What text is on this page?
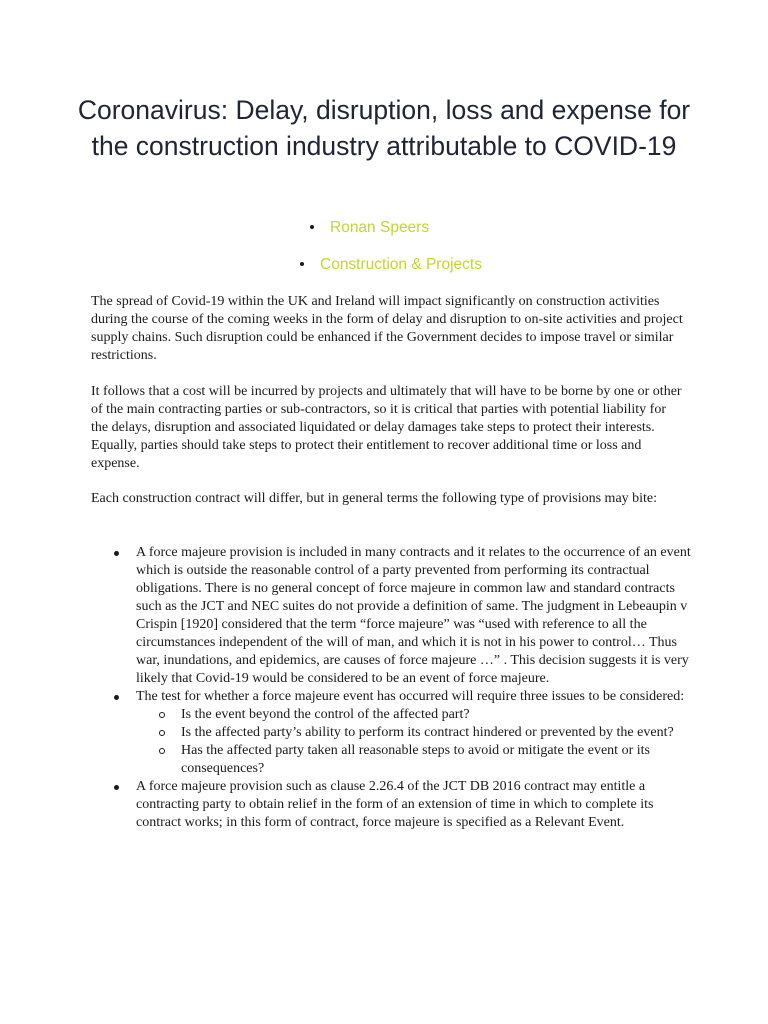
Coronavirus: Delay, disruption, loss and expense for the construction industry attributable to COVID-19
Ronan Speers
Construction & Projects

The spread of Covid-19 within the UK and Ireland will impact significantly on construction activities during the course of the coming weeks in the form of delay and disruption to on-site activities and project supply chains. Such disruption could be enhanced if the Government decides to impose travel or similar restrictions.

It follows that a cost will be incurred by projects and ultimately that will have to be borne by one or other of the main contracting parties or sub-contractors, so it is critical that parties with potential liability for the delays, disruption and associated liquidated or delay damages take steps to protect their interests. Equally, parties should take steps to protect their entitlement to recover additional time or loss and expense.

Each construction contract will differ, but in general terms the following type of provisions may bite:

A force majeure provision is included in many contracts and it relates to the occurrence of an event which is outside the reasonable control of a party prevented from performing its contractual obligations. There is no general concept of force majeure in common law and standard contracts such as the JCT and NEC suites do not provide a definition of same. The judgment in Lebeaupin v Crispin [1920] considered that the term “force majeure” was “used with reference to all the circumstances independent of the will of man, and which it is not in his power to control… Thus war, inundations, and epidemics, are causes of force majeure …” . This decision suggests it is very likely that Covid-19 would be considered to be an event of force majeure.
The test for whether a force majeure event has occurred will require three issues to be considered:
Is the event beyond the control of the affected part?
Is the affected party’s ability to perform its contract hindered or prevented by the event?
Has the affected party taken all reasonable steps to avoid or mitigate the event or its consequences?
A force majeure provision such as clause 2.26.4 of the JCT DB 2016 contract may entitle a contracting party to obtain relief in the form of an extension of time in which to complete its contract works; in this form of contract, force majeure is specified as a Relevant Event.
